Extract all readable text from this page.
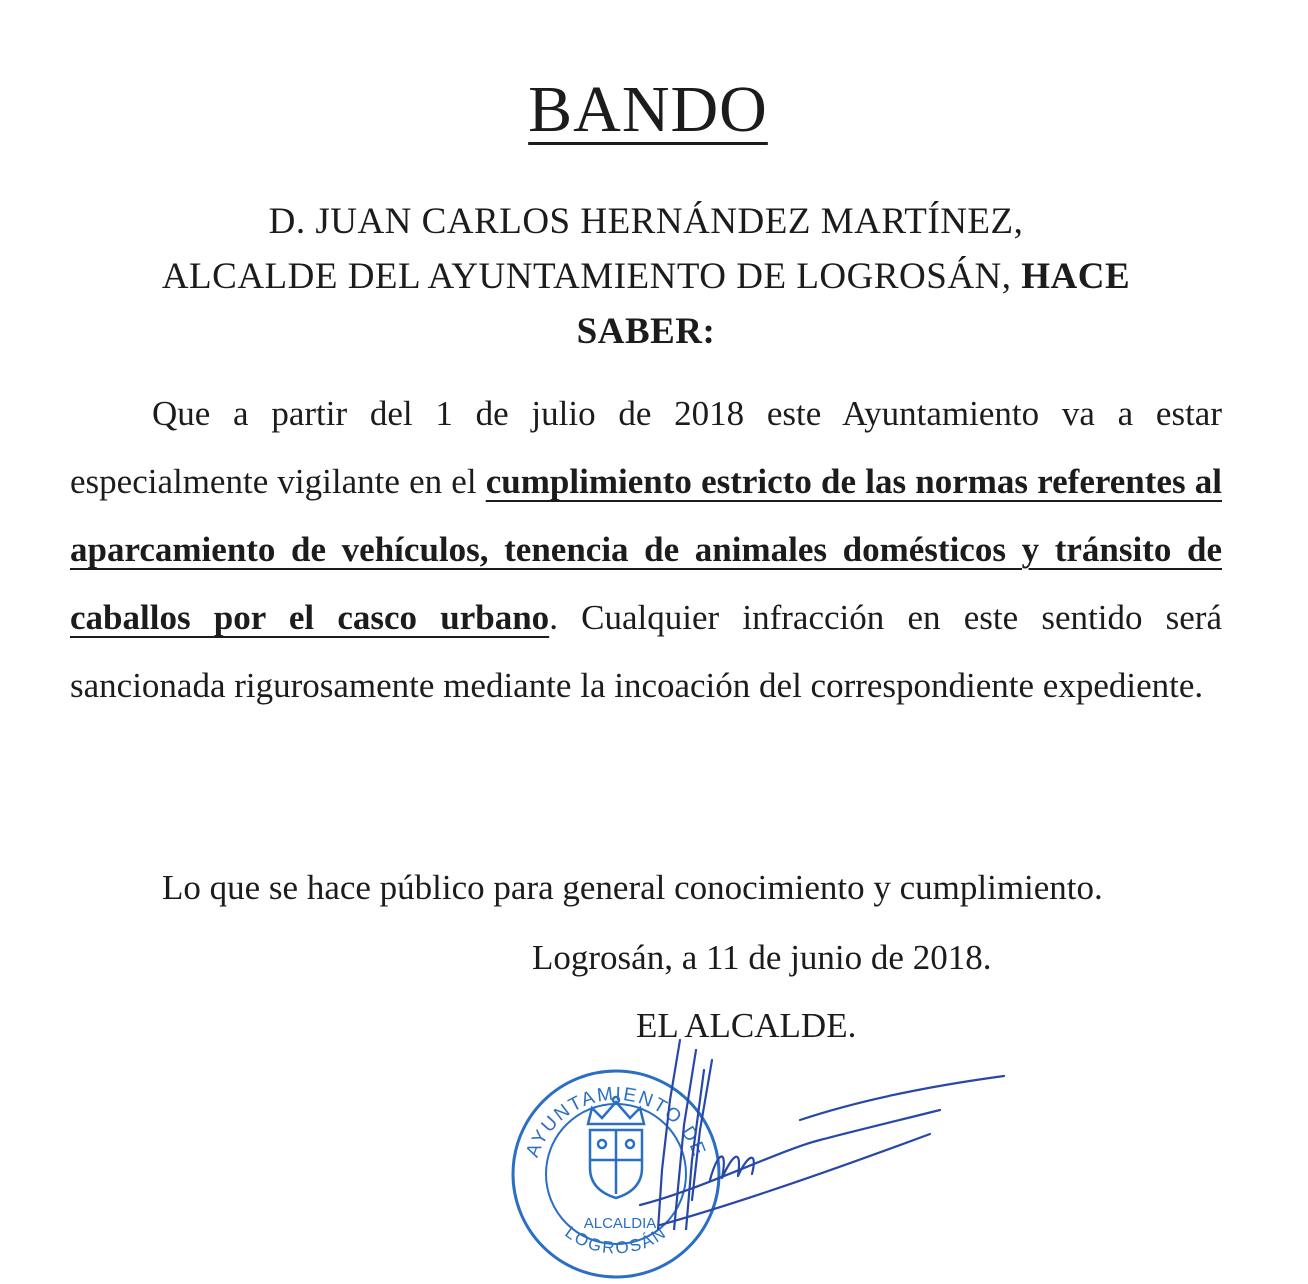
BANDO
D. JUAN CARLOS HERNÁNDEZ MARTÍNEZ,
ALCALDE DEL AYUNTAMIENTO DE LOGROSÁN, HACE
SABER:
Que a partir del 1 de julio de 2018 este Ayuntamiento va a estar especialmente vigilante en el cumplimiento estricto de las normas referentes al aparcamiento de vehículos, tenencia de animales domésticos y tránsito de caballos por el casco urbano. Cualquier infracción en este sentido será sancionada rigurosamente mediante la incoación del correspondiente expediente.
Lo que se hace público para general conocimiento y cumplimiento.
Logrosán, a 11 de junio de 2018.
EL ALCALDE.
AYUNTAMIENTO DE
LOGROSÁN
ALCALDIA
